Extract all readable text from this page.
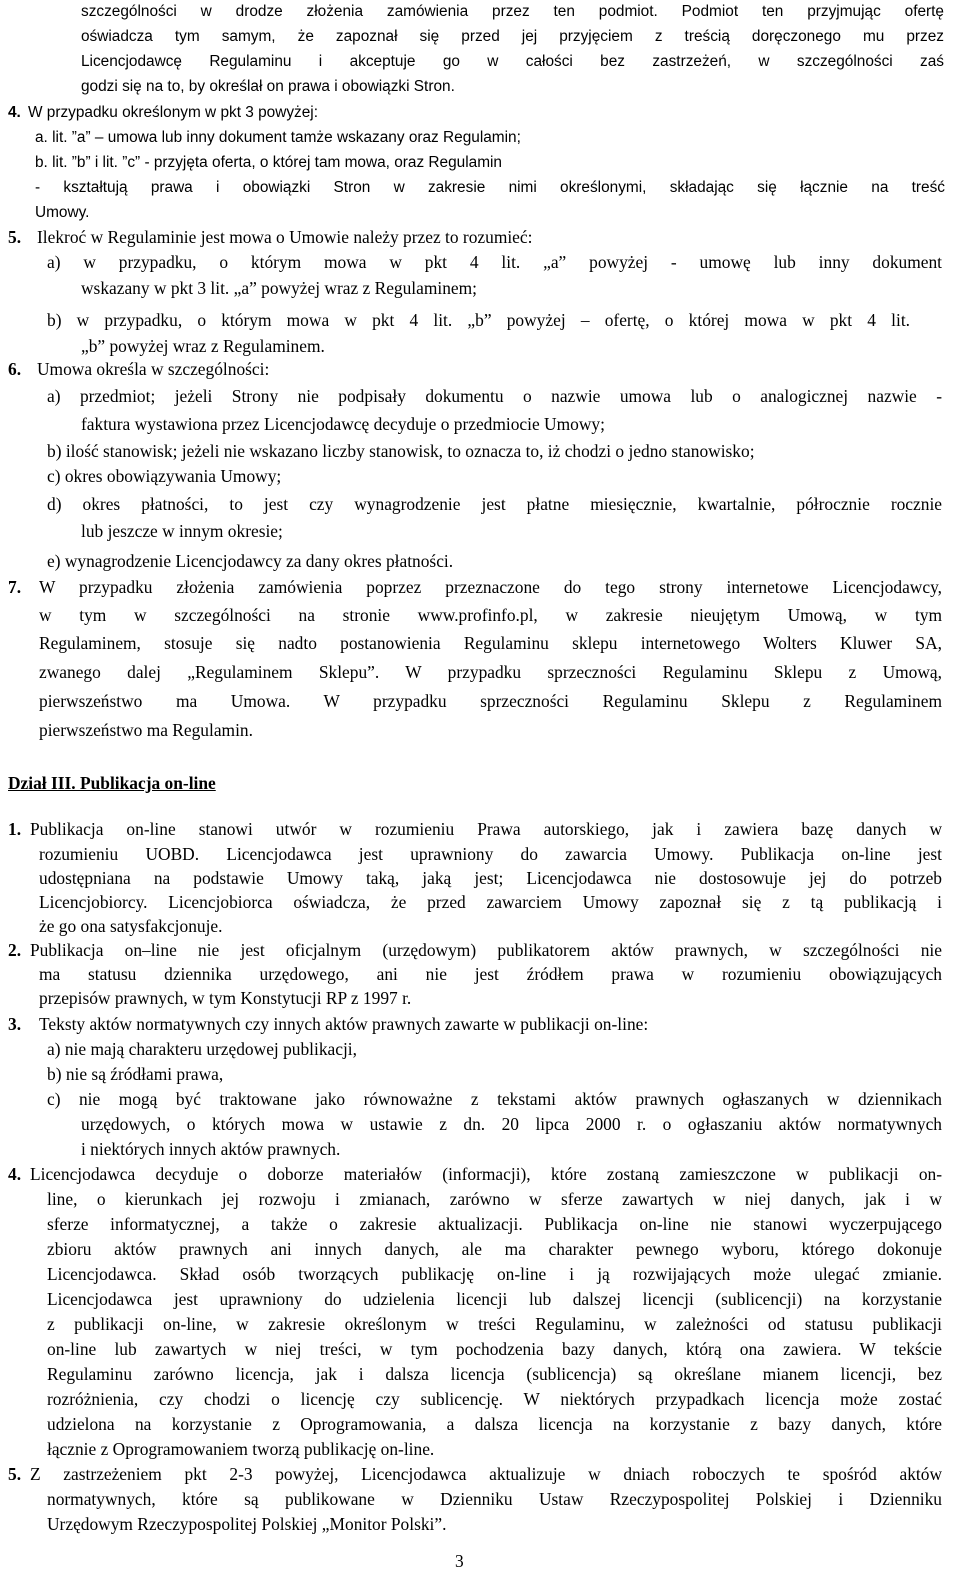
szczególności w drodze złożenia zamówienia przez ten podmiot. Podmiot ten przyjmując ofertę
oświadcza tym samym, że zapoznał się przed jej przyjęciem z treścią doręczonego mu przez
Licencjodawcę Regulaminu i akceptuje go w całości bez zastrzeżeń, w szczególności zaś
godzi się na to, by określał on prawa i obowiązki Stron.
4. W przypadku określonym w pkt 3 powyżej:
a. lit. ”a” – umowa lub inny dokument tamże wskazany oraz Regulamin;
b. lit. ”b” i lit. ”c” - przyjęta oferta, o której tam mowa, oraz Regulamin
- kształtują prawa i obowiązki Stron w zakresie nimi określonymi, składając się łącznie na treść
Umowy.
5. Ilekroć w Regulaminie jest mowa o Umowie należy przez to rozumieć:
a) w przypadku, o którym mowa w pkt 4 lit. „a” powyżej - umowę lub inny dokument
wskazany w pkt 3 lit. „a” powyżej wraz z Regulaminem;
b) w przypadku, o którym mowa w pkt 4 lit. „b” powyżej – ofertę, o której mowa w pkt 4 lit.
„b” powyżej wraz z Regulaminem.
6. Umowa określa w szczególności:
a) przedmiot; jeżeli Strony nie podpisały dokumentu o nazwie umowa lub o analogicznej nazwie -
faktura wystawiona przez Licencjodawcę decyduje o przedmiocie Umowy;
b) ilość stanowisk; jeżeli nie wskazano liczby stanowisk, to oznacza to, iż chodzi o jedno stanowisko;
c) okres obowiązywania Umowy;
d) okres płatności, to jest czy wynagrodzenie jest płatne miesięcznie, kwartalnie, półrocznie rocznie
lub jeszcze w innym okresie;
e) wynagrodzenie Licencjodawcy za dany okres płatności.
7. W przypadku złożenia zamówienia poprzez przeznaczone do tego strony internetowe Licencjodawcy,
w tym w szczególności na stronie www.profinfo.pl, w zakresie nieujętym Umową, w tym
Regulaminem, stosuje się nadto postanowienia Regulaminu sklepu internetowego Wolters Kluwer SA,
zwanego dalej „Regulaminem Sklepu”. W przypadku sprzeczności Regulaminu Sklepu z Umową,
pierwszeństwo ma Umowa. W przypadku sprzeczności Regulaminu Sklepu z Regulaminem
pierwszeństwo ma Regulamin.
Dział III. Publikacja on-line
1. Publikacja on-line stanowi utwór w rozumieniu Prawa autorskiego, jak i zawiera bazę danych w
rozumieniu UOBD. Licencjodawca jest uprawniony do zawarcia Umowy. Publikacja on-line jest
udostępniana na podstawie Umowy taką, jaką jest; Licencjodawca nie dostosowuje jej do potrzeb
Licencjobiorcy. Licencjobiorca oświadcza, że przed zawarciem Umowy zapoznał się z tą publikacją i
że go ona satysfakcjonuje.
2. Publikacja on–line nie jest oficjalnym (urzędowym) publikatorem aktów prawnych, w szczególności nie
ma statusu dziennika urzędowego, ani nie jest źródłem prawa w rozumieniu obowiązujących
przepisów prawnych, w tym Konstytucji RP z 1997 r.
3. Teksty aktów normatywnych czy innych aktów prawnych zawarte w publikacji on-line:
a) nie mają charakteru urzędowej publikacji,
b) nie są źródłami prawa,
c) nie mogą być traktowane jako równoważne z tekstami aktów prawnych ogłaszanych w dziennikach
urzędowych, o których mowa w ustawie z dn. 20 lipca 2000 r. o ogłaszaniu aktów normatywnych
i niektórych innych aktów prawnych.
4. Licencjodawca decyduje o doborze materiałów (informacji), które zostaną zamieszczone w publikacji on-
line, o kierunkach jej rozwoju i zmianach, zarówno w sferze zawartych w niej danych, jak i w
sferze informatycznej, a także o zakresie aktualizacji. Publikacja on-line nie stanowi wyczerpującego
zbioru aktów prawnych ani innych danych, ale ma charakter pewnego wyboru, którego dokonuje
Licencjodawca. Skład osób tworzących publikację on-line i ją rozwijających może ulegać zmianie.
Licencjodawca jest uprawniony do udzielenia licencji lub dalszej licencji (sublicencji) na korzystanie
z publikacji on-line, w zakresie określonym w treści Regulaminu, w zależności od statusu publikacji
on-line lub zawartych w niej treści, w tym pochodzenia bazy danych, którą ona zawiera. W tekście
Regulaminu zarówno licencja, jak i dalsza licencja (sublicencja) są określane mianem licencji, bez
rozróżnienia, czy chodzi o licencję czy sublicencję. W niektórych przypadkach licencja może zostać
udzielona na korzystanie z Oprogramowania, a dalsza licencja na korzystanie z bazy danych, które
łącznie z Oprogramowaniem tworzą publikację on-line.
5. Z zastrzeżeniem pkt 2-3 powyżej, Licencjodawca aktualizuje w dniach roboczych te spośród aktów
normatywnych, które są publikowane w Dzienniku Ustaw Rzeczypospolitej Polskiej i Dzienniku
Urzędowym Rzeczypospolitej Polskiej „Monitor Polski”.
3
